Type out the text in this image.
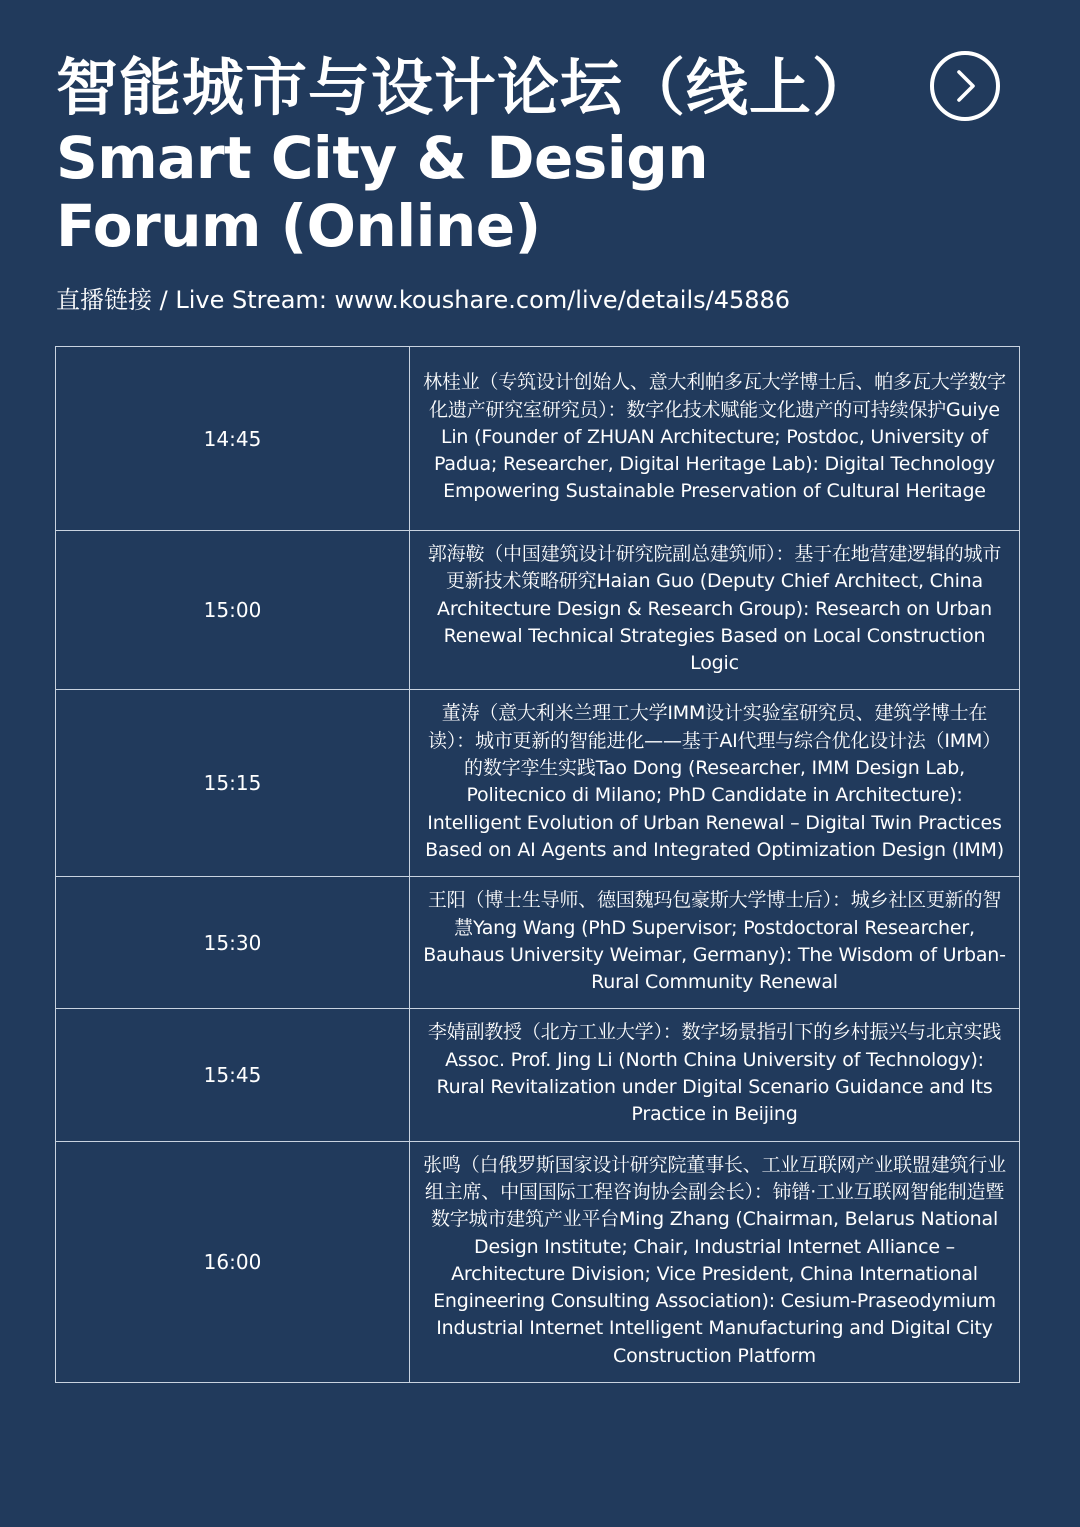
智能城市与设计论坛（线上）
Smart City & Design Forum (Online)
直播链接 / Live Stream: www.koushare.com/live/details/45886
14:45	林桂业（专筑设计创始人、意大利帕多瓦大学博士后、帕多瓦大学数字化遗产研究室研究员）：数字化技术赋能文化遗产的可持续保护Guiye Lin (Founder of ZHUAN Architecture; Postdoc, University of Padua; Researcher, Digital Heritage Lab): Digital Technology Empowering Sustainable Preservation of Cultural Heritage
15:00	郭海鞍（中国建筑设计研究院副总建筑师）：基于在地营建逻辑的城市更新技术策略研究Haian Guo (Deputy Chief Architect, China Architecture Design & Research Group): Research on Urban Renewal Technical Strategies Based on Local Construction Logic
15:15	董涛（意大利米兰理工大学IMM设计实验室研究员、建筑学博士在读）：城市更新的智能进化——基于AI代理与综合优化设计法（IMM）的数字孪生实践Tao Dong (Researcher, IMM Design Lab, Politecnico di Milano; PhD Candidate in Architecture): Intelligent Evolution of Urban Renewal – Digital Twin Practices Based on AI Agents and Integrated Optimization Design (IMM)
15:30	王阳（博士生导师、德国魏玛包豪斯大学博士后）：城乡社区更新的智慧Yang Wang (PhD Supervisor; Postdoctoral Researcher, Bauhaus University Weimar, Germany): The Wisdom of Urban-Rural Community Renewal
15:45	李婧副教授（北方工业大学）：数字场景指引下的乡村振兴与北京实践Assoc. Prof. Jing Li (North China University of Technology): Rural Revitalization under Digital Scenario Guidance and Its Practice in Beijing
16:00	张鸣（白俄罗斯国家设计研究院董事长、工业互联网产业联盟建筑行业组主席、中国国际工程咨询协会副会长）：铈镨·工业互联网智能制造暨数字城市建筑产业平台Ming Zhang (Chairman, Belarus National Design Institute; Chair, Industrial Internet Alliance – Architecture Division; Vice President, China International Engineering Consulting Association): Cesium-Praseodymium Industrial Internet Intelligent Manufacturing and Digital City Construction Platform
